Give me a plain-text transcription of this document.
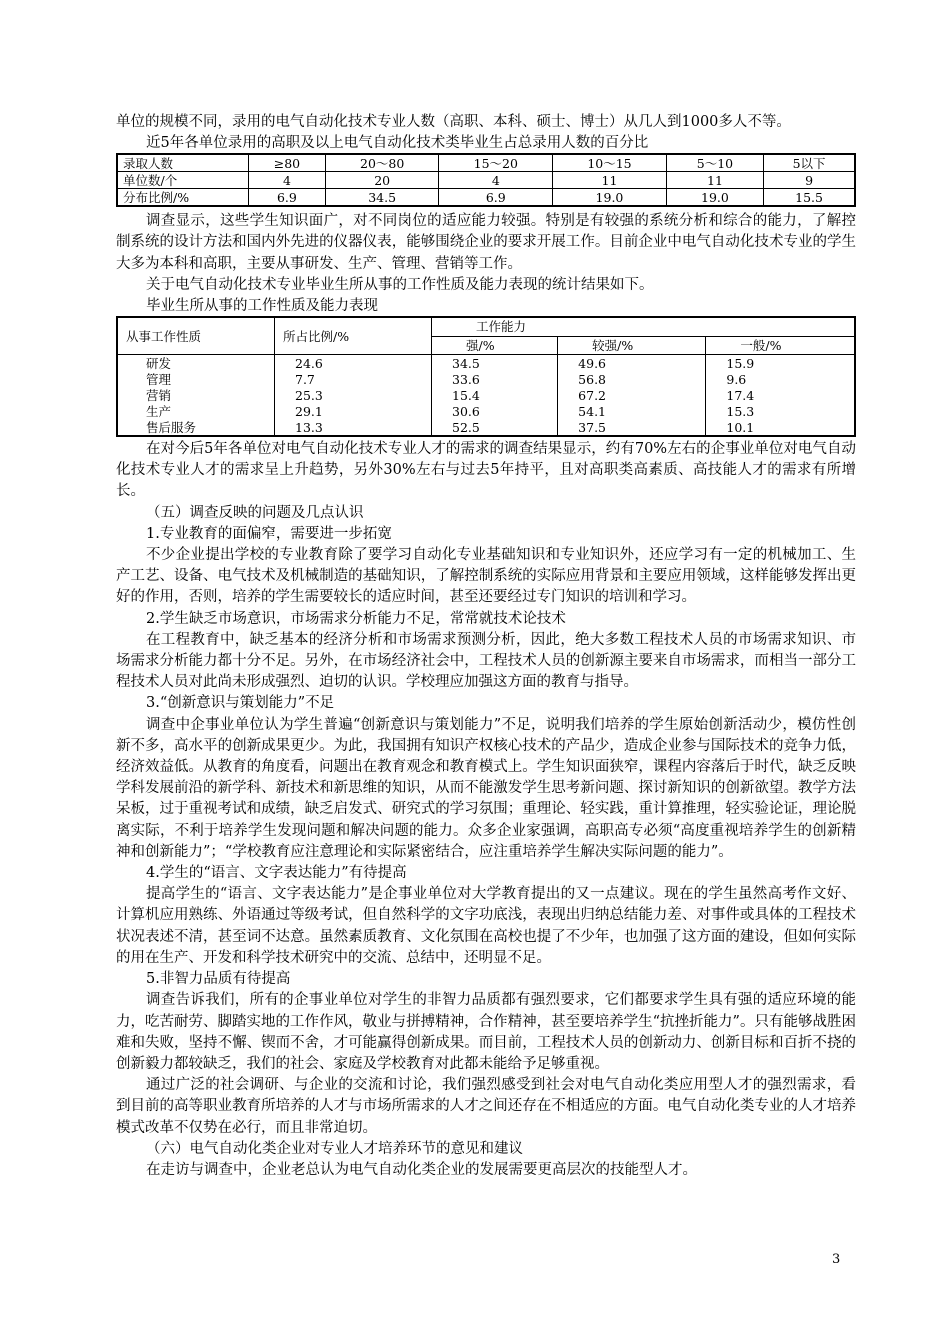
单位的规模不同，录用的电气自动化技术专业人数（高职、本科、硕士、博士）从几人到1000多人不等。

近5年各单位录用的高职及以上电气自动化技术类毕业生占总录用人数的百分比
录取人数	≥80	20～80	15～20	10～15	5～10	5以下
单位数/个	4	20	4	11	11	9
分布比例/%	6.9	34.5	6.9	19.0	19.0	15.5

调查显示，这些学生知识面广，对不同岗位的适应能力较强。特别是有较强的系统分析和综合的能力，了解控制系统的设计方法和国内外先进的仪器仪表，能够围绕企业的要求开展工作。目前企业中电气自动化技术专业的学生大多为本科和高职，主要从事研发、生产、管理、营销等工作。

关于电气自动化技术专业毕业生所从事的工作性质及能力表现的统计结果如下。

毕业生所从事的工作性质及能力表现
从事工作性质	所占比例/%	工作能力		
		强/%	较强/%	一般/%
研发	24.6	34.5	49.6	15.9
管理	7.7	33.6	56.8	9.6
营销	25.3	15.4	67.2	17.4
生产	29.1	30.6	54.1	15.3
售后服务	13.3	52.5	37.5	10.1

在对今后5年各单位对电气自动化技术专业人才的需求的调查结果显示，约有70%左右的企事业单位对电气自动化技术专业人才的需求呈上升趋势，另外30%左右与过去5年持平，且对高职类高素质、高技能人才的需求有所增长。

（五）调查反映的问题及几点认识

1.专业教育的面偏窄，需要进一步拓宽

不少企业提出学校的专业教育除了要学习自动化专业基础知识和专业知识外，还应学习有一定的机械加工、生产工艺、设备、电气技术及机械制造的基础知识，了解控制系统的实际应用背景和主要应用领域，这样能够发挥出更好的作用，否则，培养的学生需要较长的适应时间，甚至还要经过专门知识的培训和学习。

2.学生缺乏市场意识，市场需求分析能力不足，常常就技术论技术

在工程教育中，缺乏基本的经济分析和市场需求预测分析，因此，绝大多数工程技术人员的市场需求知识、市场需求分析能力都十分不足。另外，在市场经济社会中，工程技术人员的创新源主要来自市场需求，而相当一部分工程技术人员对此尚未形成强烈、迫切的认识。学校理应加强这方面的教育与指导。

3.“创新意识与策划能力”不足

调查中企事业单位认为学生普遍“创新意识与策划能力”不足，说明我们培养的学生原始创新活动少，模仿性创新不多，高水平的创新成果更少。为此，我国拥有知识产权核心技术的产品少，造成企业参与国际技术的竞争力低，经济效益低。从教育的角度看，问题出在教育观念和教育模式上。学生知识面狭窄，课程内容落后于时代，缺乏反映学科发展前沿的新学科、新技术和新思维的知识，从而不能激发学生思考新问题、探讨新知识的创新欲望。教学方法呆板，过于重视考试和成绩，缺乏启发式、研究式的学习氛围；重理论、轻实践，重计算推理，轻实验论证，理论脱离实际，不利于培养学生发现问题和解决问题的能力。众多企业家强调，高职高专必须“高度重视培养学生的创新精神和创新能力”；“学校教育应注意理论和实际紧密结合，应注重培养学生解决实际问题的能力”。

4.学生的“语言、文字表达能力”有待提高

提高学生的“语言、文字表达能力”是企事业单位对大学教育提出的又一点建议。现在的学生虽然高考作文好、计算机应用熟练、外语通过等级考试，但自然科学的文字功底浅，表现出归纳总结能力差、对事件或具体的工程技术状况表述不清，甚至词不达意。虽然素质教育、文化氛围在高校也提了不少年，也加强了这方面的建设，但如何实际的用在生产、开发和科学技术研究中的交流、总结中，还明显不足。

5.非智力品质有待提高

调查告诉我们，所有的企事业单位对学生的非智力品质都有强烈要求，它们都要求学生具有强的适应环境的能力，吃苦耐劳、脚踏实地的工作作风，敬业与拼搏精神，合作精神，甚至要培养学生“抗挫折能力”。只有能够战胜困难和失败，坚持不懈、锲而不舍，才可能赢得创新成果。而目前，工程技术人员的创新动力、创新目标和百折不挠的创新毅力都较缺乏，我们的社会、家庭及学校教育对此都未能给予足够重视。

通过广泛的社会调研、与企业的交流和讨论，我们强烈感受到社会对电气自动化类应用型人才的强烈需求，看到目前的高等职业教育所培养的人才与市场所需求的人才之间还存在不相适应的方面。电气自动化类专业的人才培养模式改革不仅势在必行，而且非常迫切。

（六）电气自动化类企业对专业人才培养环节的意见和建议

在走访与调查中，企业老总认为电气自动化类企业的发展需要更高层次的技能型人才。

3
